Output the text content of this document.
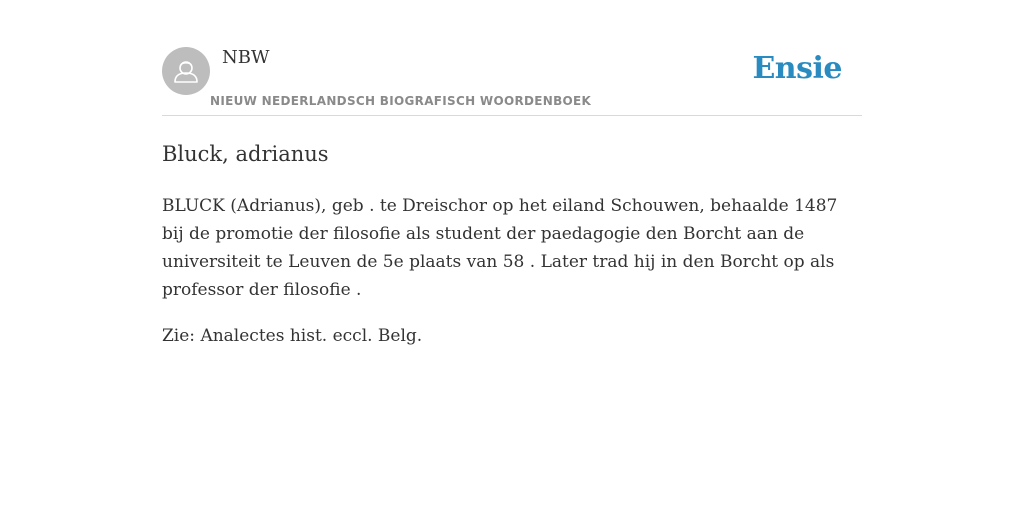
NBW
NIEUW NEDERLANDSCH BIOGRAFISCH WOORDENBOEK
Ensie
Bluck, adrianus

BLUCK (Adrianus), geb . te Dreischor op het eiland Schouwen, behaalde 1487 bij de promotie der filosofie als student der paedagogie den Borcht aan de universiteit te Leuven de 5e plaats van 58 . Later trad hij in den Borcht op als professor der filosofie .

Zie: Analectes hist. eccl. Belg.
